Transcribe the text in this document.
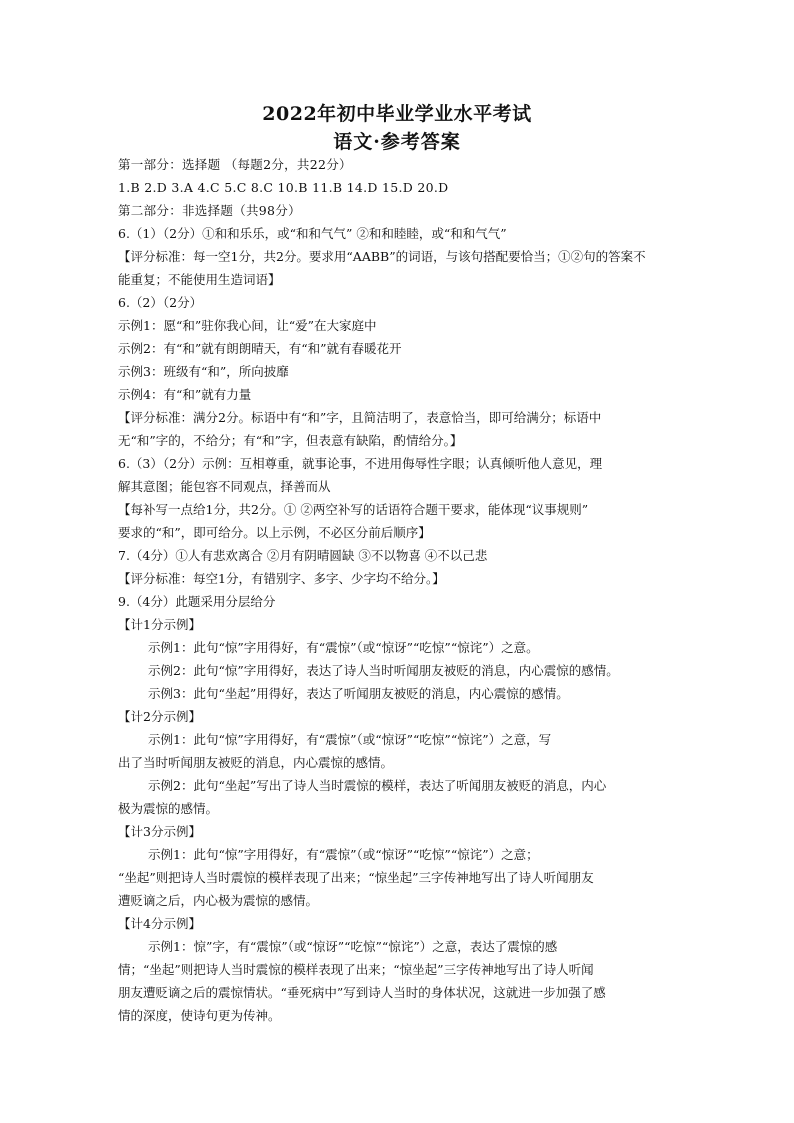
2022年初中毕业学业水平考试
语文·参考答案
第一部分：选择题 （每题2分，共22分）
1.B 2.D 3.A 4.C 5.C 8.C 10.B 11.B 14.D 15.D 20.D
第二部分：非选择题（共98分）
6.（1）（2分）①和和乐乐，或“和和气气” ②和和睦睦，或“和和气气”
【评分标准：每一空1分，共2分。要求用“AABB”的词语，与该句搭配要恰当；①②句的答案不
能重复；不能使用生造词语】
6.（2）（2分）
示例1：愿“和”驻你我心间，让“爱”在大家庭中
示例2：有“和”就有朗朗晴天，有“和”就有春暖花开
示例3：班级有“和”，所向披靡
示例4：有“和”就有力量
【评分标准：满分2分。标语中有“和”字，且简洁明了，表意恰当，即可给满分；标语中
无“和”字的，不给分；有“和”字，但表意有缺陷，酌情给分。】
6.（3）（2分）示例：互相尊重，就事论事，不进用侮辱性字眼；认真倾听他人意见，理
解其意图；能包容不同观点，择善而从
【每补写一点给1分，共2分。① ②两空补写的话语符合题干要求，能体现“议事规则”
要求的“和”，即可给分。以上示例，不必区分前后顺序】
7.（4分）①人有悲欢离合 ②月有阴晴圆缺 ③不以物喜 ④不以己悲
【评分标准：每空1分，有错别字、多字、少字均不给分。】
9.（4分）此题采用分层给分
【计1分示例】
示例1：此句“惊”字用得好，有“震惊”（或“惊讶”“吃惊”“惊诧”）之意。
示例2：此句“惊”字用得好，表达了诗人当时听闻朋友被贬的消息，内心震惊的感情。
示例3：此句“坐起”用得好，表达了听闻朋友被贬的消息，内心震惊的感情。
【计2分示例】
示例1：此句“惊”字用得好，有“震惊”（或“惊讶”“吃惊”“惊诧”）之意，写
出了当时听闻朋友被贬的消息，内心震惊的感情。
示例2：此句“坐起”写出了诗人当时震惊的模样，表达了听闻朋友被贬的消息，内心
极为震惊的感情。
【计3分示例】
示例1：此句“惊”字用得好，有“震惊”（或“惊讶”“吃惊”“惊诧”）之意；
“坐起”则把诗人当时震惊的模样表现了出来；“惊坐起”三字传神地写出了诗人听闻朋友
遭贬谪之后，内心极为震惊的感情。
【计4分示例】
示例1：惊”字，有“震惊”（或“惊讶”“吃惊”“惊诧”）之意，表达了震惊的感
情；“坐起”则把诗人当时震惊的模样表现了出来；“惊坐起”三字传神地写出了诗人听闻
朋友遭贬谪之后的震惊情状。“垂死病中”写到诗人当时的身体状况，这就进一步加强了感
情的深度，使诗句更为传神。
